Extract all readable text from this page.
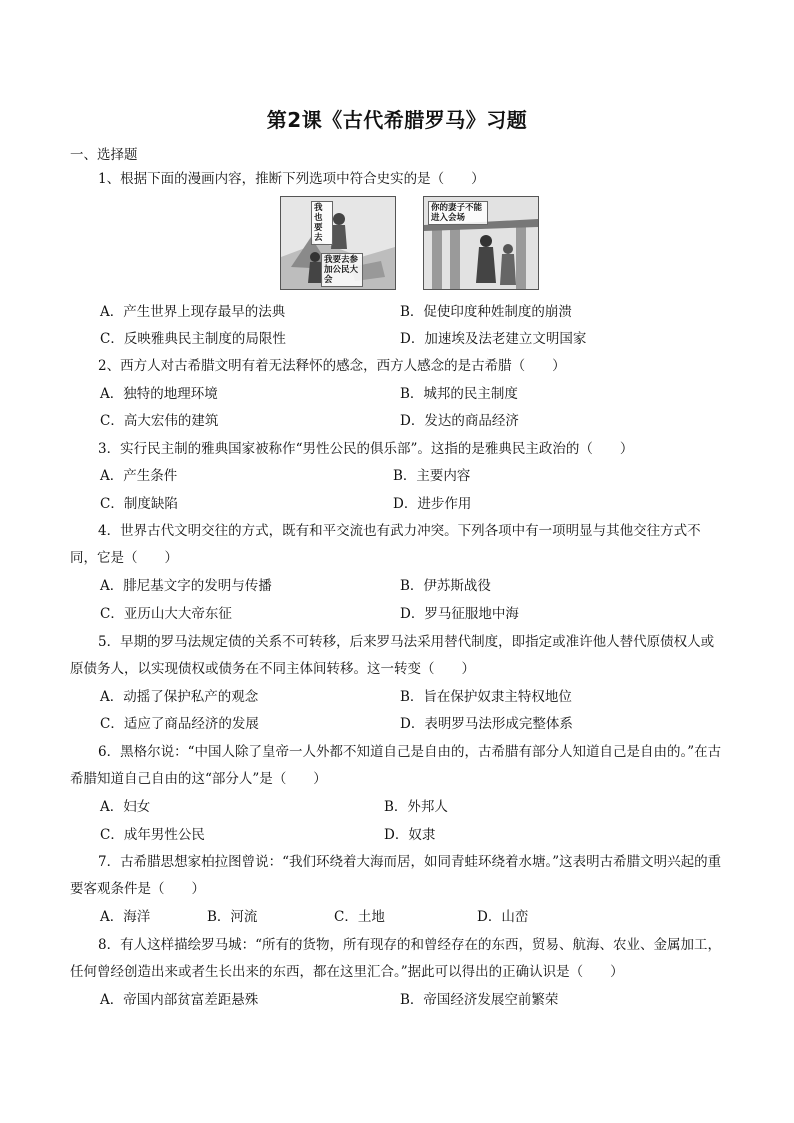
第2课《古代希腊罗马》习题
一、选择题
1、根据下面的漫画内容，推断下列选项中符合史实的是（　　）
我也要去
我要去参加公民大会
你的妻子不能进入会场
A．产生世界上现存最早的法典	B．促使印度种姓制度的崩溃
C．反映雅典民主制度的局限性	D．加速埃及法老建立文明国家
2、西方人对古希腊文明有着无法释怀的感念，西方人感念的是古希腊（　　）
A．独特的地理环境	B．城邦的民主制度
C．高大宏伟的建筑	D．发达的商品经济
3．实行民主制的雅典国家被称作“男性公民的俱乐部”。这指的是雅典民主政治的（　　）
A．产生条件	B．主要内容
C．制度缺陷	D．进步作用
4．世界古代文明交往的方式，既有和平交流也有武力冲突。下列各项中有一项明显与其他交往方式不同，它是（　　）
A．腓尼基文字的发明与传播	B．伊苏斯战役
C．亚历山大大帝东征	D．罗马征服地中海
5．早期的罗马法规定债的关系不可转移，后来罗马法采用替代制度，即指定或准许他人替代原债权人或原债务人，以实现债权或债务在不同主体间转移。这一转变（　　）
A．动摇了保护私产的观念	B．旨在保护奴隶主特权地位
C．适应了商品经济的发展	D．表明罗马法形成完整体系
6．黑格尔说：“中国人除了皇帝一人外都不知道自己是自由的，古希腊有部分人知道自己是自由的。”在古希腊知道自己自由的这“部分人”是（　　）
A．妇女	B．外邦人
C．成年男性公民	D．奴隶
7．古希腊思想家柏拉图曾说：“我们环绕着大海而居，如同青蛙环绕着水塘。”这表明古希腊文明兴起的重要客观条件是（　　）
A．海洋	B．河流	C．土地	D．山峦
8．有人这样描绘罗马城：“所有的货物，所有现存的和曾经存在的东西，贸易、航海、农业、金属加工，任何曾经创造出来或者生长出来的东西，都在这里汇合。”据此可以得出的正确认识是（　　）
A．帝国内部贫富差距悬殊	B．帝国经济发展空前繁荣
